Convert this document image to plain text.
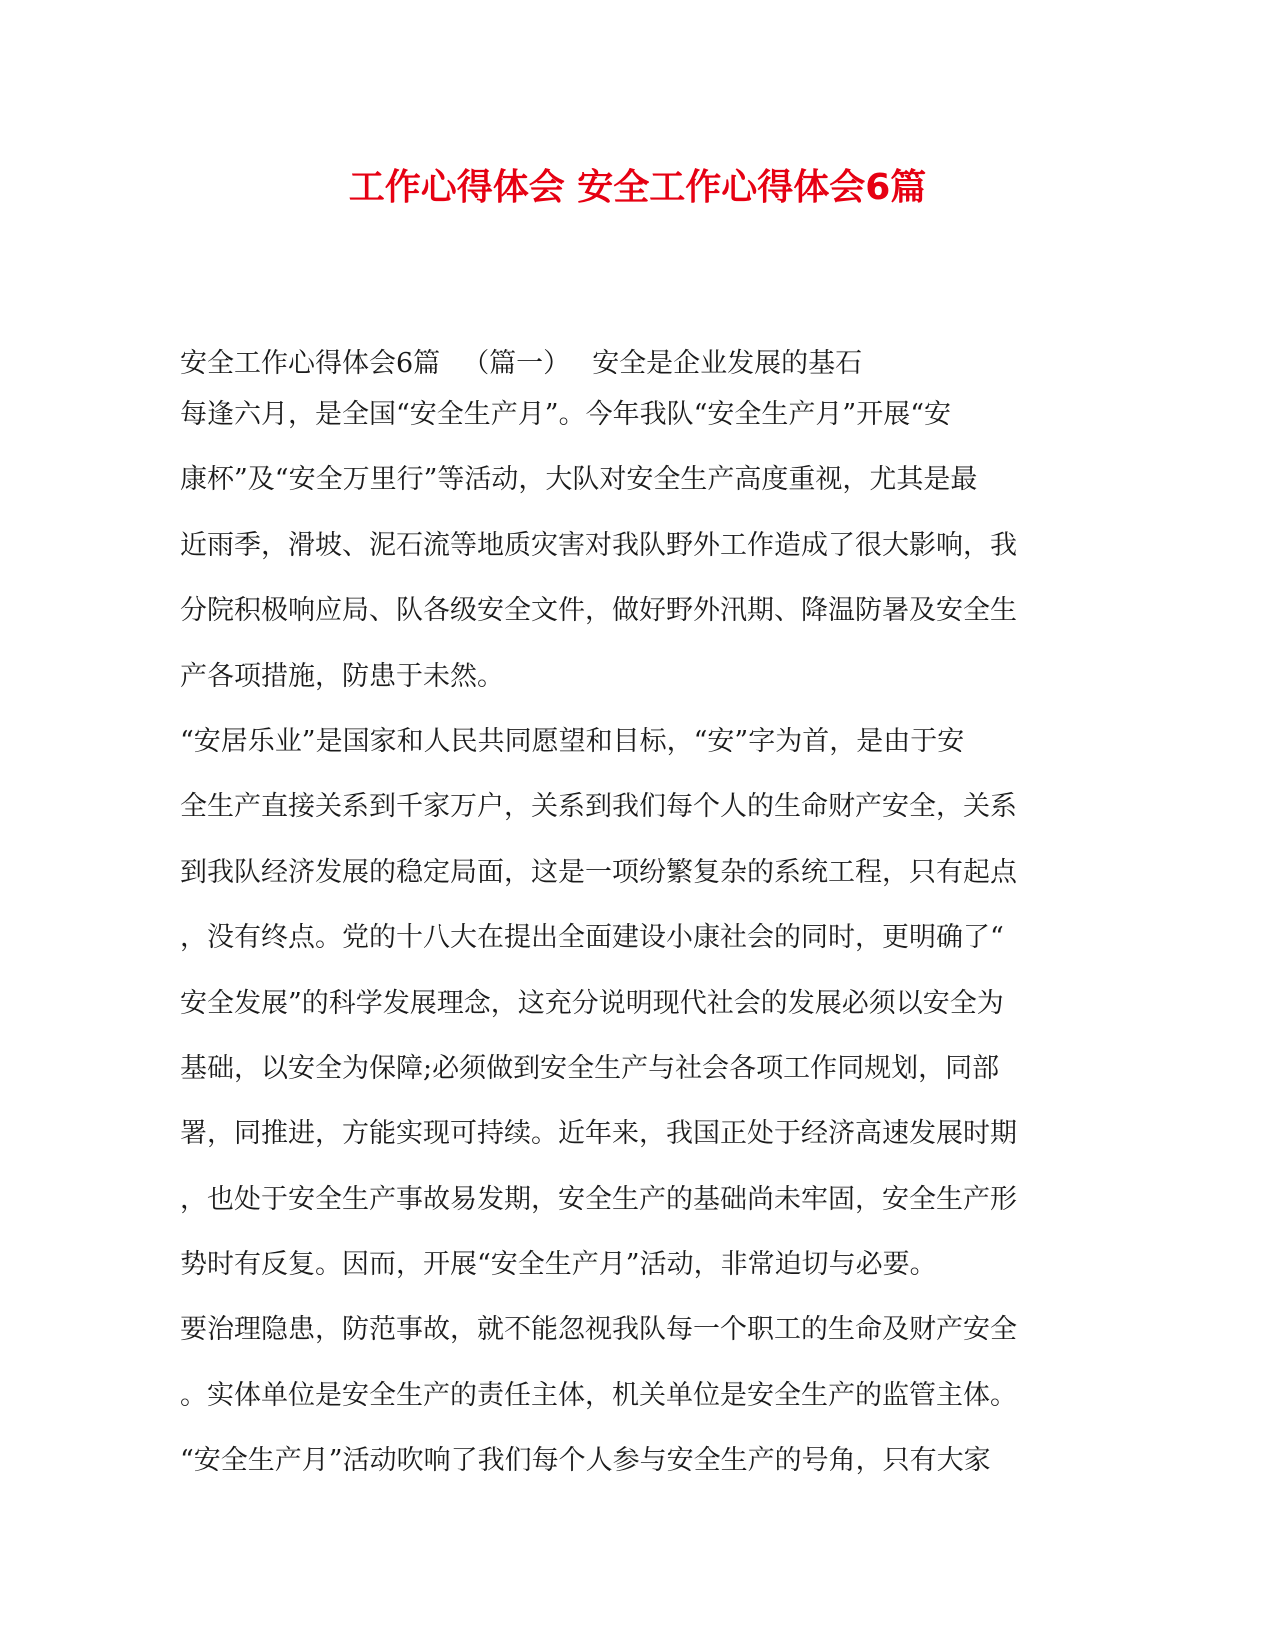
工作心得体会 安全工作心得体会6篇
安全工作心得体会6篇 （篇一） 安全是企业发展的基石
每逢六月，是全国“安全生产月”。今年我队“安全生产月”开展“安
康杯”及“安全万里行”等活动，大队对安全生产高度重视，尤其是最
近雨季，滑坡、泥石流等地质灾害对我队野外工作造成了很大影响，我
分院积极响应局、队各级安全文件，做好野外汛期、降温防暑及安全生
产各项措施，防患于未然。
“安居乐业”是国家和人民共同愿望和目标，“安”字为首，是由于安
全生产直接关系到千家万户，关系到我们每个人的生命财产安全，关系
到我队经济发展的稳定局面，这是一项纷繁复杂的系统工程，只有起点
，没有终点。党的十八大在提出全面建设小康社会的同时，更明确了“
安全发展”的科学发展理念，这充分说明现代社会的发展必须以安全为
基础，以安全为保障;必须做到安全生产与社会各项工作同规划，同部
署，同推进，方能实现可持续。近年来，我国正处于经济高速发展时期
，也处于安全生产事故易发期，安全生产的基础尚未牢固，安全生产形
势时有反复。因而，开展“安全生产月”活动，非常迫切与必要。
要治理隐患，防范事故，就不能忽视我队每一个职工的生命及财产安全
。实体单位是安全生产的责任主体，机关单位是安全生产的监管主体。
“安全生产月”活动吹响了我们每个人参与安全生产的号角，只有大家
